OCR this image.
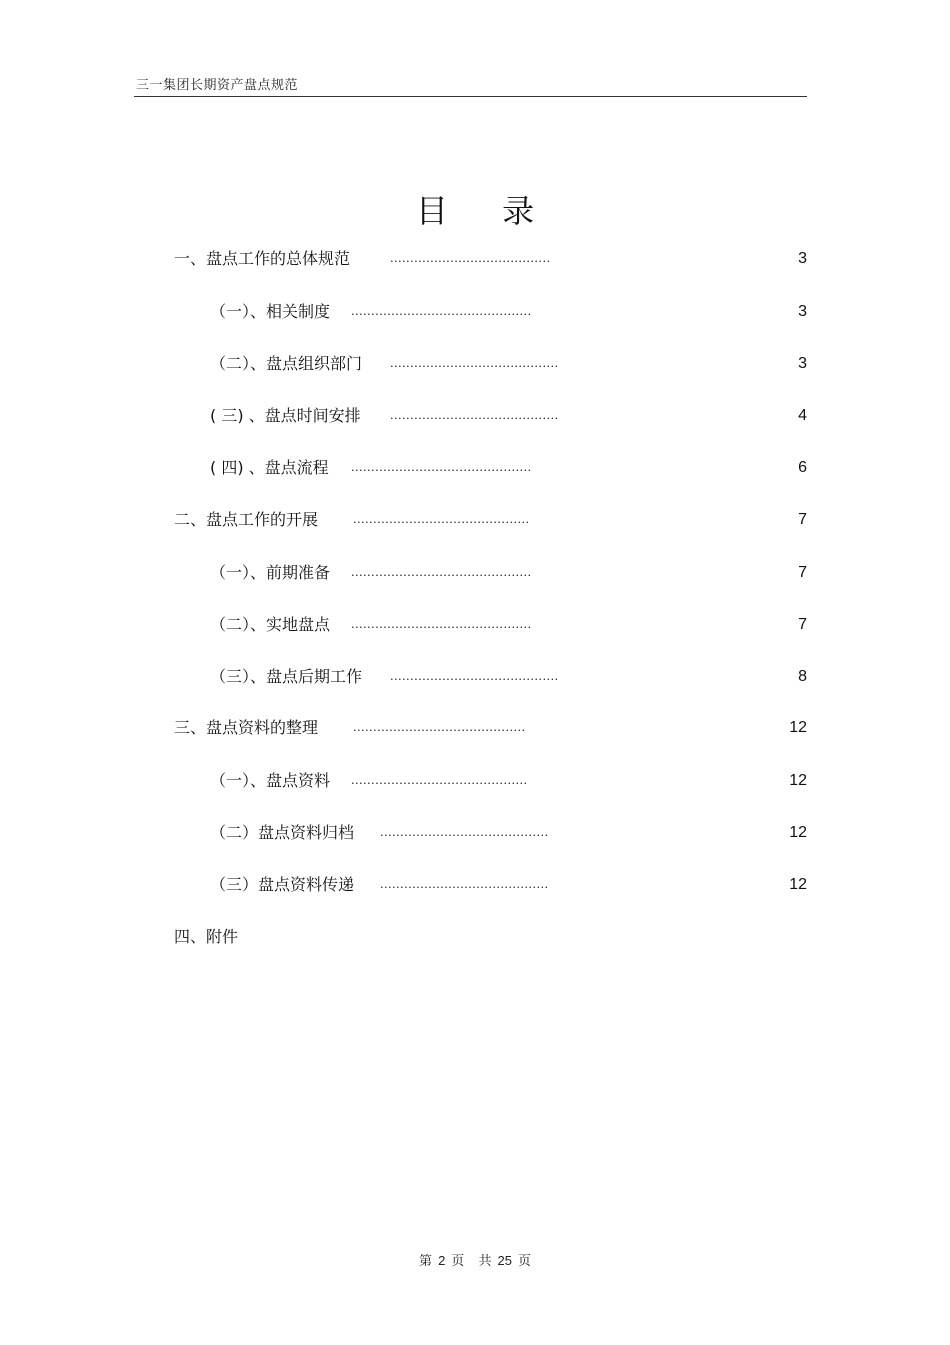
三一集团长期资产盘点规范
目 录
一、盘点工作的总体规范	........................................	3
（一）、相关制度 .............................................	3
（二）、盘点组织部门 ..........................................	3
( 三) 、盘点时间安排 ..........................................	4
( 四) 、盘点流程 .............................................	6
二、盘点工作的开展	............................................	7
（一）、前期准备 .............................................	7
（二）、实地盘点 .............................................	7
（三）、盘点后期工作 ..........................................	8
三、盘点资料的整理	...........................................	12
（一）、盘点资料 ............................................	12
（二）盘点资料归档 ..........................................	12
（三）盘点资料传递 ..........................................	12
四、附件
第 2 页 共 25 页
